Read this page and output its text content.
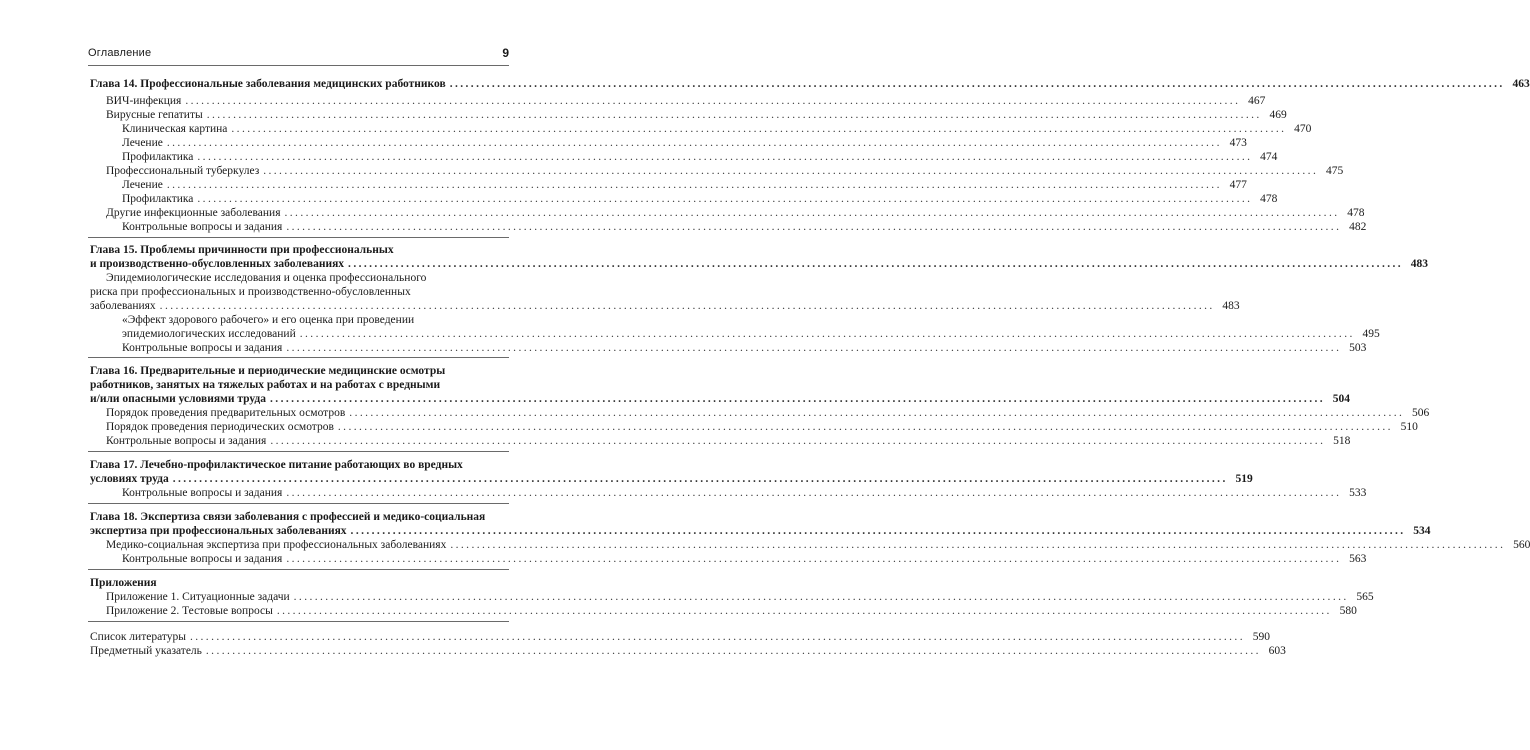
Оглавление	9
Глава 14. Профессиональные заболевания медицинских работников ........................................................................................................................................................................................................ 463
ВИЧ-инфекция ........................................................................................................................................................................................................ 467
Вирусные гепатиты ........................................................................................................................................................................................................ 469
Клиническая картина ........................................................................................................................................................................................................ 470
Лечение ........................................................................................................................................................................................................ 473
Профилактика ........................................................................................................................................................................................................ 474
Профессиональный туберкулез ........................................................................................................................................................................................................ 475
Лечение ........................................................................................................................................................................................................ 477
Профилактика ........................................................................................................................................................................................................ 478
Другие инфекционные заболевания ........................................................................................................................................................................................................ 478
Контрольные вопросы и задания ........................................................................................................................................................................................................ 482
Глава 15. Проблемы причинности при профессиональных
и производственно-обусловленных заболеваниях ........................................................................................................................................................................................................ 483
Эпидемиологические исследования и оценка профессионального
риска при профессиональных и производственно-обусловленных
заболеваниях ........................................................................................................................................................................................................ 483
«Эффект здорового рабочего» и его оценка при проведении
эпидемиологических исследований ........................................................................................................................................................................................................ 495
Контрольные вопросы и задания ........................................................................................................................................................................................................ 503
Глава 16. Предварительные и периодические медицинские осмотры
работников, занятых на тяжелых работах и на работах с вредными
и/или опасными условиями труда ........................................................................................................................................................................................................ 504
Порядок проведения предварительных осмотров ........................................................................................................................................................................................................ 506
Порядок проведения периодических осмотров ........................................................................................................................................................................................................ 510
Контрольные вопросы и задания ........................................................................................................................................................................................................ 518
Глава 17. Лечебно-профилактическое питание работающих во вредных
условиях труда ........................................................................................................................................................................................................ 519
Контрольные вопросы и задания ........................................................................................................................................................................................................ 533
Глава 18. Экспертиза связи заболевания с профессией и медико-социальная
экспертиза при профессиональных заболеваниях ........................................................................................................................................................................................................ 534
Медико-социальная экспертиза при профессиональных заболеваниях ........................................................................................................................................................................................................ 560
Контрольные вопросы и задания ........................................................................................................................................................................................................ 563
Приложения
Приложение 1. Ситуационные задачи ........................................................................................................................................................................................................ 565
Приложение 2. Тестовые вопросы ........................................................................................................................................................................................................ 580
Список литературы ........................................................................................................................................................................................................ 590
Предметный указатель ........................................................................................................................................................................................................ 603
